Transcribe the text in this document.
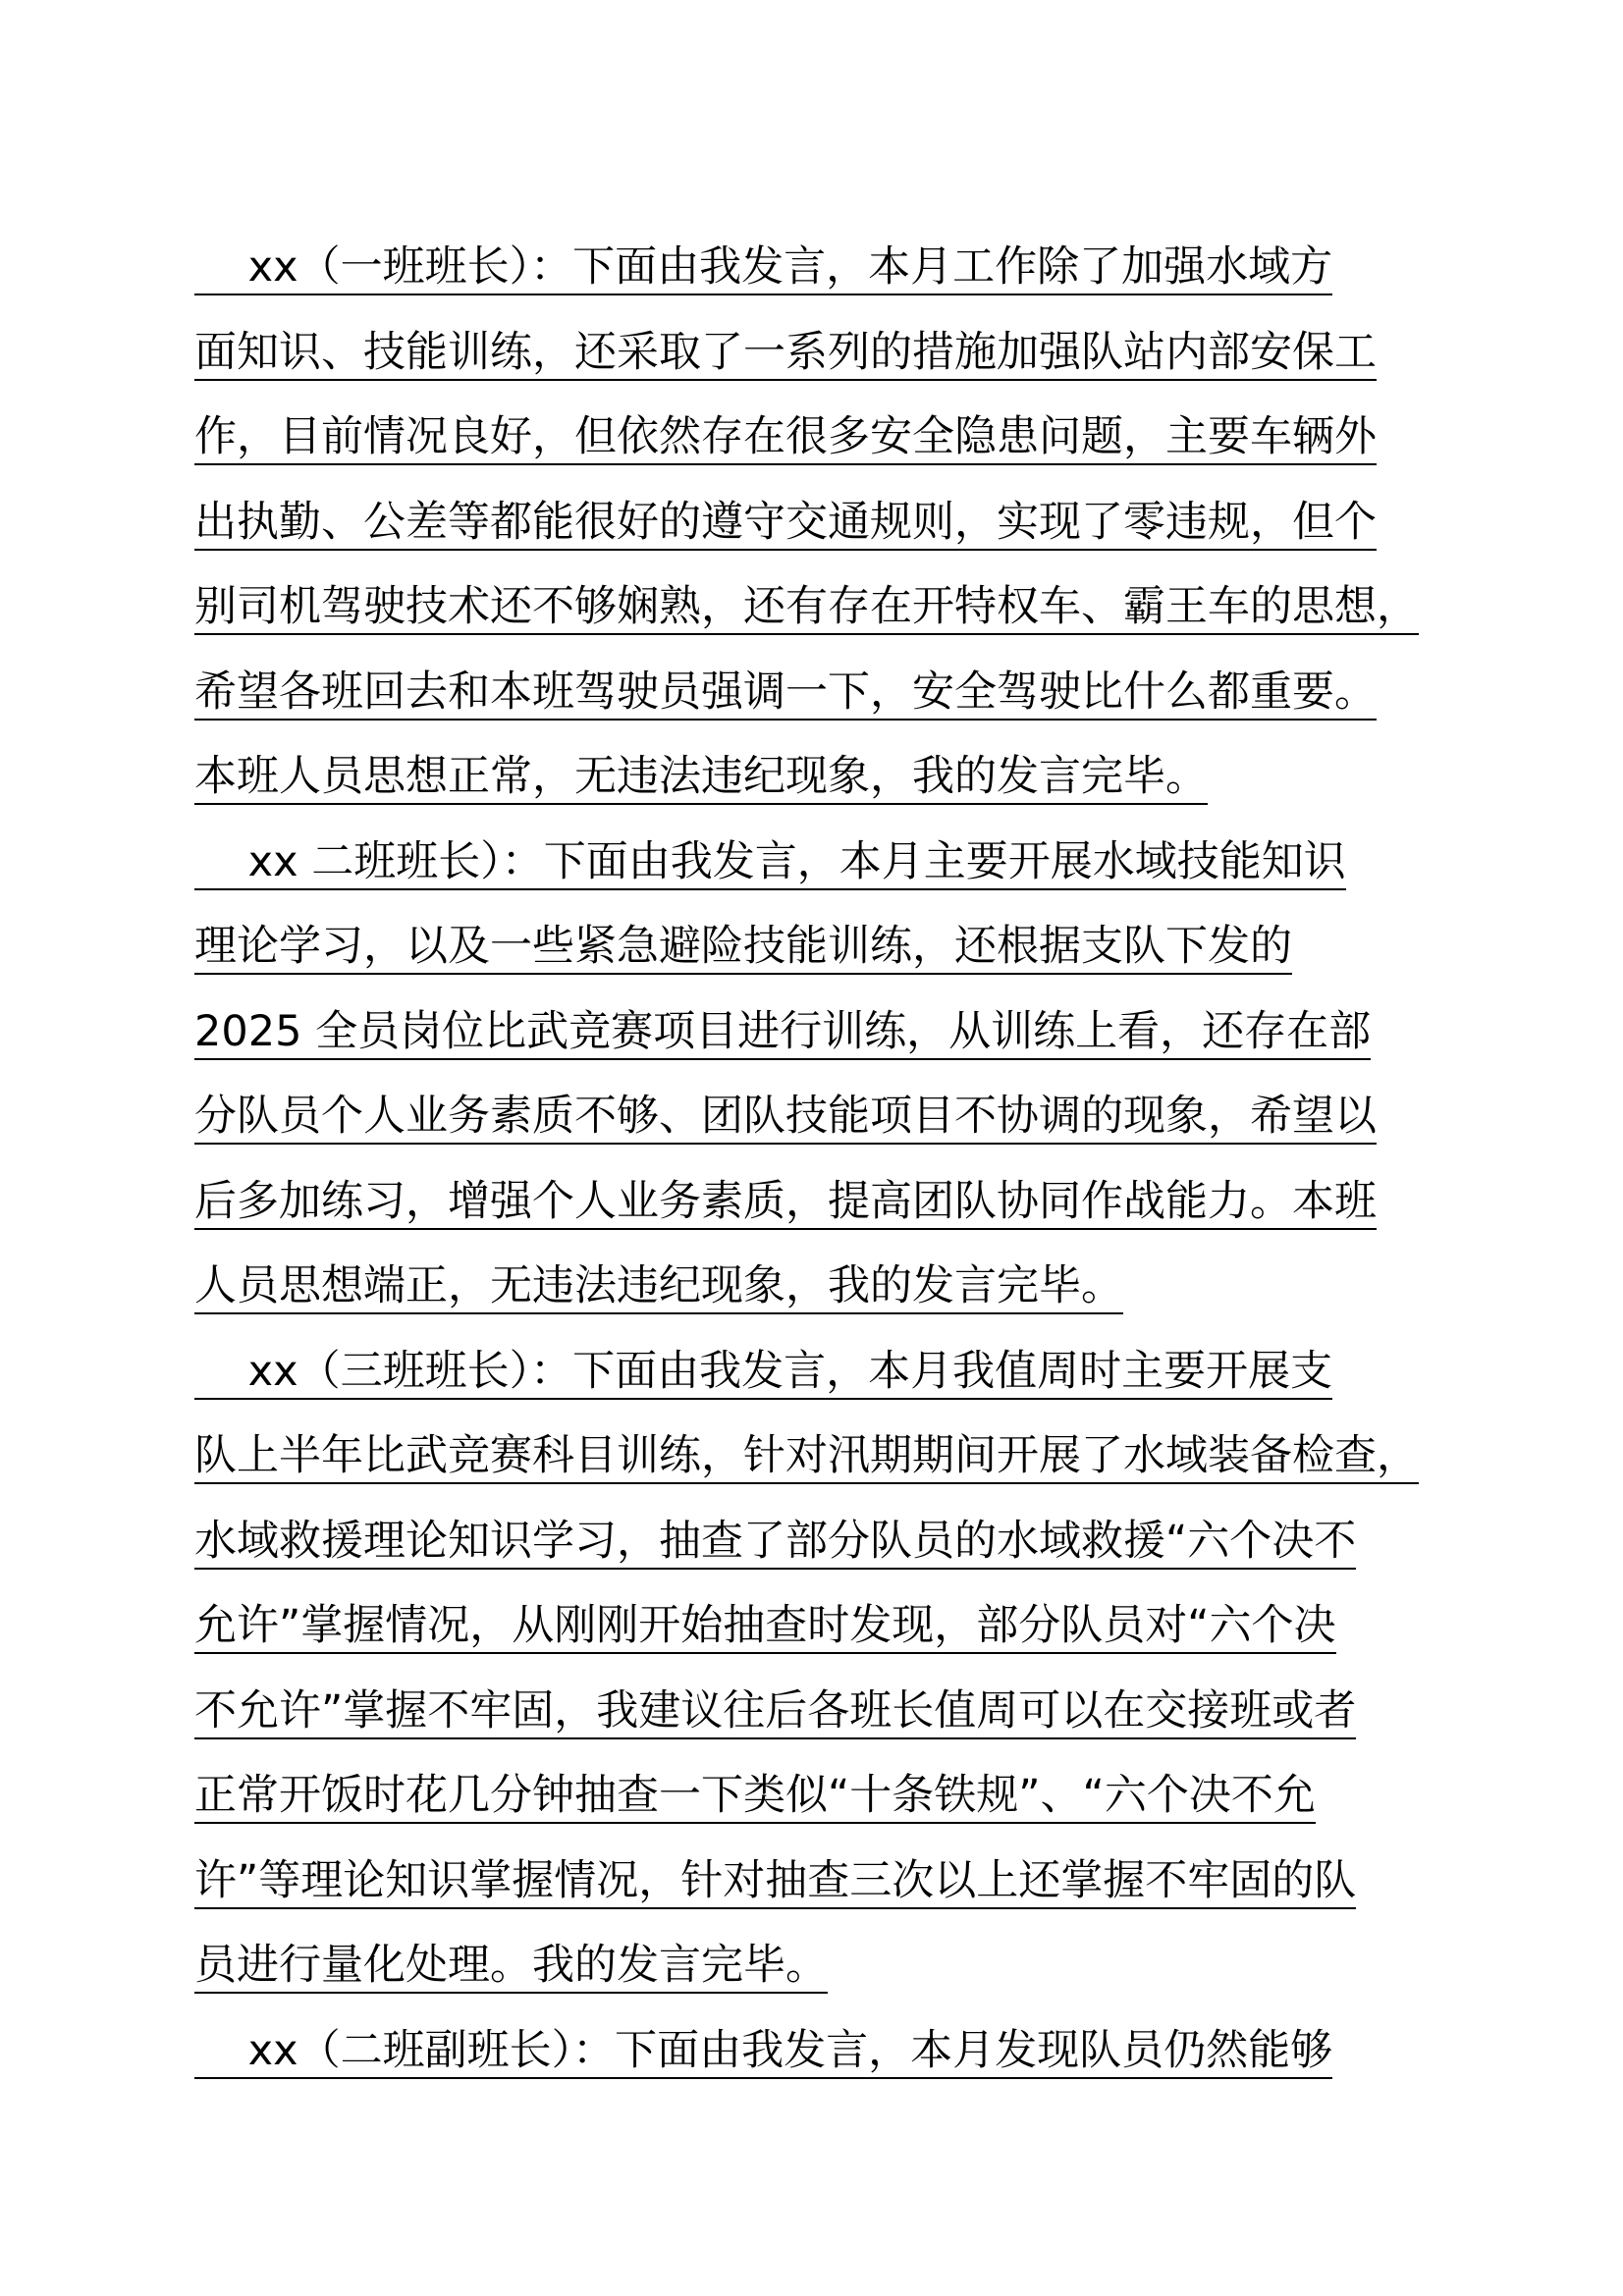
xx（一班班长）：下面由我发言，本月工作除了加强水域方
面知识、技能训练，还采取了一系列的措施加强队站内部安保工
作，目前情况良好，但依然存在很多安全隐患问题，主要车辆外
出执勤、公差等都能很好的遵守交通规则，实现了零违规，但个
别司机驾驶技术还不够娴熟，还有存在开特权车、霸王车的思想，
希望各班回去和本班驾驶员强调一下，安全驾驶比什么都重要。
本班人员思想正常，无违法违纪现象，我的发言完毕。
xx 二班班长）：下面由我发言，本月主要开展水域技能知识
理论学习，以及一些紧急避险技能训练，还根据支队下发的
2025 全员岗位比武竞赛项目进行训练，从训练上看，还存在部
分队员个人业务素质不够、团队技能项目不协调的现象，希望以
后多加练习，增强个人业务素质，提高团队协同作战能力。本班
人员思想端正，无违法违纪现象，我的发言完毕。
xx（三班班长）：下面由我发言，本月我值周时主要开展支
队上半年比武竞赛科目训练，针对汛期期间开展了水域装备检查，
水域救援理论知识学习，抽查了部分队员的水域救援“六个决不
允许”掌握情况，从刚刚开始抽查时发现，部分队员对“六个决
不允许”掌握不牢固，我建议往后各班长值周可以在交接班或者
正常开饭时花几分钟抽查一下类似“十条铁规”、“六个决不允
许”等理论知识掌握情况，针对抽查三次以上还掌握不牢固的队
员进行量化处理。我的发言完毕。
xx（二班副班长）：下面由我发言，本月发现队员仍然能够
